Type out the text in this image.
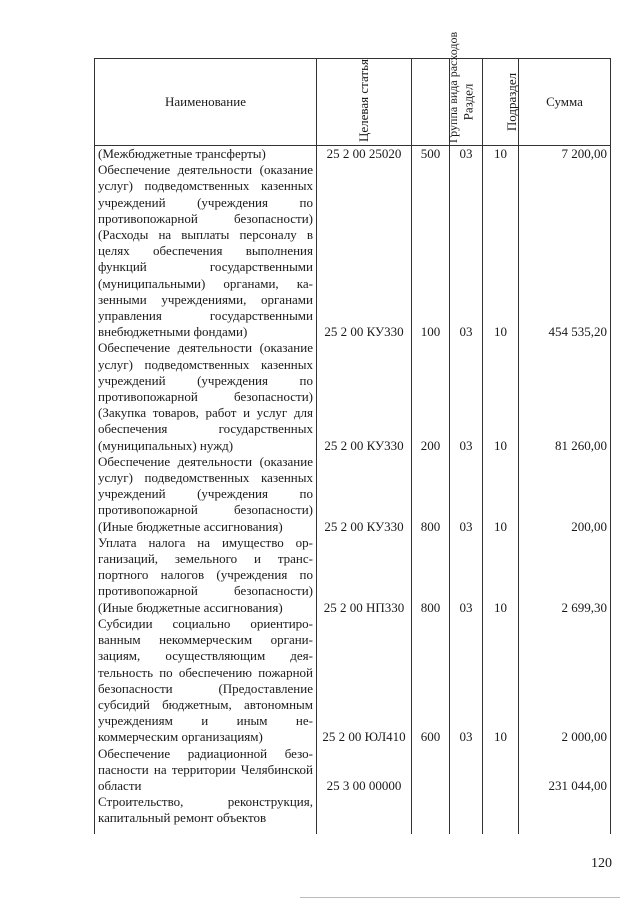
Наименование	Целевая статья	Группа вида расходов	Раздел	Подраздел	Сумма
(Межбюджетные трансферты)	25 2 00 25020	500	03	10	7 200,00
Обеспечение деятельности (оказание услуг) подведомственных казенных учреждений (учреждения по противопожарной безопасности) (Расходы на выплаты персоналу в целях обеспечения выполнения функций государственными (муниципальными) органами, казенными учреждениями, органами управления государственными внебюджетными фондами)	25 2 00 КУ330	100	03	10	454 535,20
Обеспечение деятельности (оказание услуг) подведомственных казенных учреждений (учреждения по противопожарной безопасности) (Закупка товаров, работ и услуг для обеспечения государственных (муниципальных) нужд)	25 2 00 КУ330	200	03	10	81 260,00
Обеспечение деятельности (оказание услуг) подведомственных казенных учреждений (учреждения по противопожарной безопасности) (Иные бюджетные ассигнования)	25 2 00 КУ330	800	03	10	200,00
Уплата налога на имущество организаций, земельного и транспортного налогов (учреждения по противопожарной безопасности) (Иные бюджетные ассигнования)	25 2 00 НП330	800	03	10	2 699,30
Субсидии социально ориентированным некоммерческим организациям, осуществляющим деятельность по обеспечению пожарной безопасности (Предоставление субсидий бюджетным, автономным учреждениям и иным некоммерческим организациям)	25 2 00 ЮЛ410	600	03	10	2 000,00
Обеспечение радиационной безопасности на территории Челябинской области	25 3 00 00000				231 044,00
Строительство, реконструкция, капитальный ремонт объектов					
120
